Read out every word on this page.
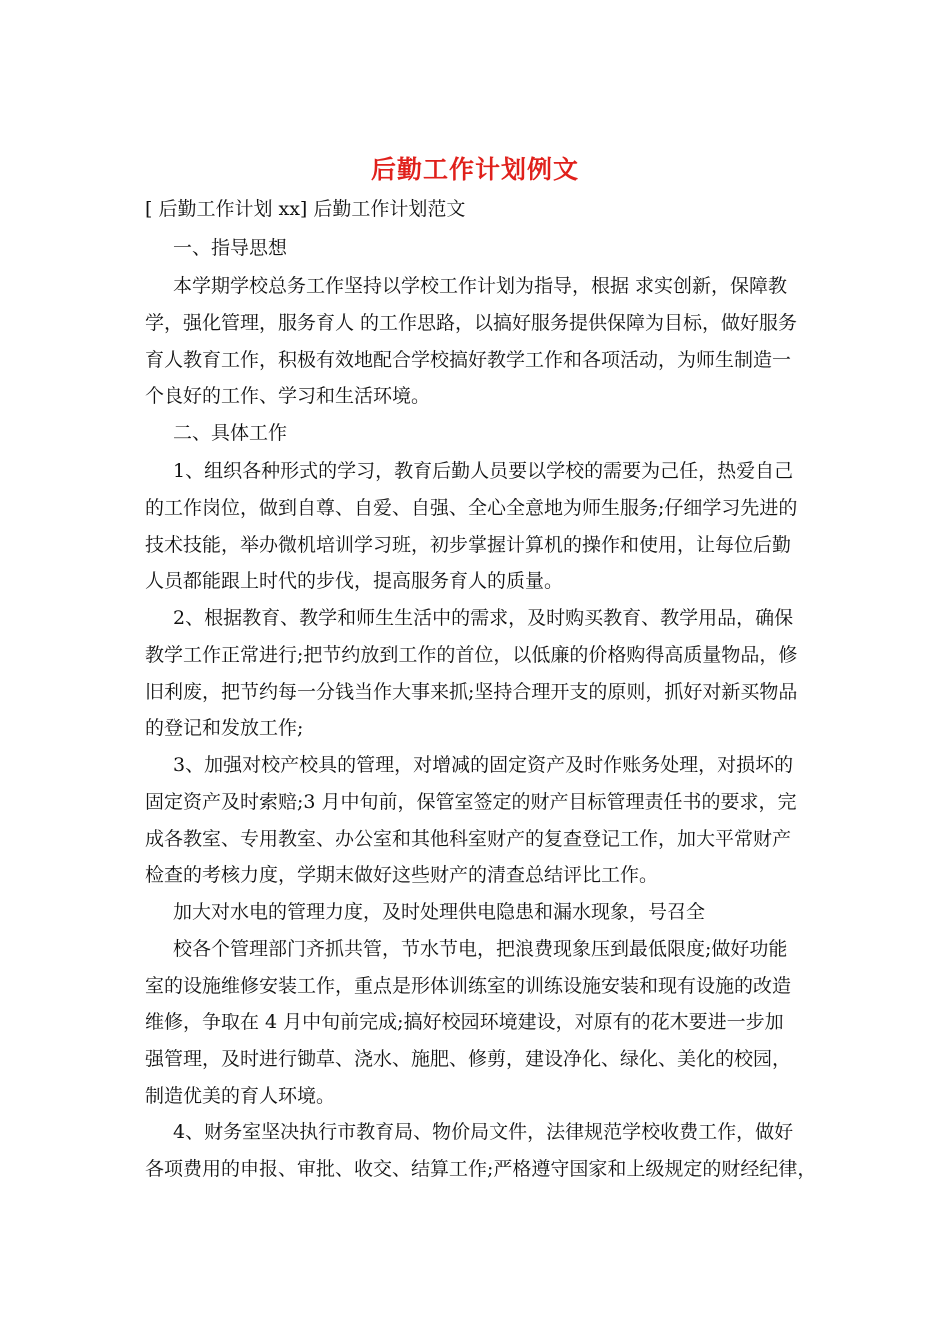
后勤工作计划例文
[ 后勤工作计划 xx] 后勤工作计划范文
一、指导思想
本学期学校总务工作坚持以学校工作计划为指导，根据 求实创新，保障教
学，强化管理，服务育人 的工作思路，以搞好服务提供保障为目标，做好服务
育人教育工作，积极有效地配合学校搞好教学工作和各项活动，为师生制造一
个良好的工作、学习和生活环境。
二、具体工作
1、组织各种形式的学习，教育后勤人员要以学校的需要为己任，热爱自己
的工作岗位，做到自尊、自爱、自强、全心全意地为师生服务;仔细学习先进的
技术技能，举办微机培训学习班，初步掌握计算机的操作和使用，让每位后勤
人员都能跟上时代的步伐，提高服务育人的质量。
2、根据教育、教学和师生生活中的需求，及时购买教育、教学用品，确保
教学工作正常进行;把节约放到工作的首位，以低廉的价格购得高质量物品，修
旧利废，把节约每一分钱当作大事来抓;坚持合理开支的原则，抓好对新买物品
的登记和发放工作;
3、加强对校产校具的管理，对增减的固定资产及时作账务处理，对损坏的
固定资产及时索赔;3 月中旬前，保管室签定的财产目标管理责任书的要求，完
成各教室、专用教室、办公室和其他科室财产的复查登记工作，加大平常财产
检查的考核力度，学期末做好这些财产的清查总结评比工作。
加大对水电的管理力度，及时处理供电隐患和漏水现象，号召全
校各个管理部门齐抓共管，节水节电，把浪费现象压到最低限度;做好功能
室的设施维修安装工作，重点是形体训练室的训练设施安装和现有设施的改造
维修，争取在 4 月中旬前完成;搞好校园环境建设，对原有的花木要进一步加
强管理，及时进行锄草、浇水、施肥、修剪，建设净化、绿化、美化的校园，
制造优美的育人环境。
4、财务室坚决执行市教育局、物价局文件，法律规范学校收费工作，做好
各项费用的申报、审批、收交、结算工作;严格遵守国家和上级规定的财经纪律，
